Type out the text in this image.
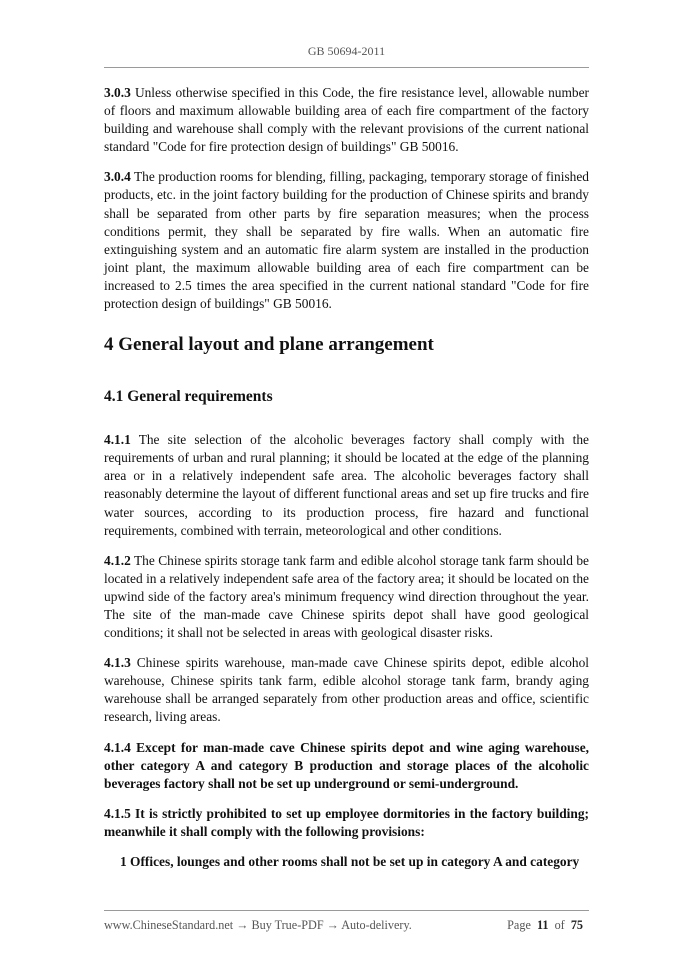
GB 50694-2011

3.0.3 Unless otherwise specified in this Code, the fire resistance level, allowable number of floors and maximum allowable building area of each fire compartment of the factory building and warehouse shall comply with the relevant provisions of the current national standard "Code for fire protection design of buildings" GB 50016.

3.0.4 The production rooms for blending, filling, packaging, temporary storage of finished products, etc. in the joint factory building for the production of Chinese spirits and brandy shall be separated from other parts by fire separation measures; when the process conditions permit, they shall be separated by fire walls. When an automatic fire extinguishing system and an automatic fire alarm system are installed in the production joint plant, the maximum allowable building area of each fire compartment can be increased to 2.5 times the area specified in the current national standard "Code for fire protection design of buildings" GB 50016.

4 General layout and plane arrangement
4.1 General requirements

4.1.1 The site selection of the alcoholic beverages factory shall comply with the requirements of urban and rural planning; it should be located at the edge of the planning area or in a relatively independent safe area. The alcoholic beverages factory shall reasonably determine the layout of different functional areas and set up fire trucks and fire water sources, according to its production process, fire hazard and functional requirements, combined with terrain, meteorological and other conditions.

4.1.2 The Chinese spirits storage tank farm and edible alcohol storage tank farm should be located in a relatively independent safe area of the factory area; it should be located on the upwind side of the factory area's minimum frequency wind direction throughout the year. The site of the man-made cave Chinese spirits depot shall have good geological conditions; it shall not be selected in areas with geological disaster risks.

4.1.3 Chinese spirits warehouse, man-made cave Chinese spirits depot, edible alcohol warehouse, Chinese spirits tank farm, edible alcohol storage tank farm, brandy aging warehouse shall be arranged separately from other production areas and office, scientific research, living areas.

4.1.4 Except for man-made cave Chinese spirits depot and wine aging warehouse, other category A and category B production and storage places of the alcoholic beverages factory shall not be set up underground or semi-underground.

4.1.5 It is strictly prohibited to set up employee dormitories in the factory building; meanwhile it shall comply with the following provisions:

1 Offices, lounges and other rooms shall not be set up in category A and category

www.ChineseStandard.net → Buy True-PDF → Auto-delivery.	Page 11 of 75
